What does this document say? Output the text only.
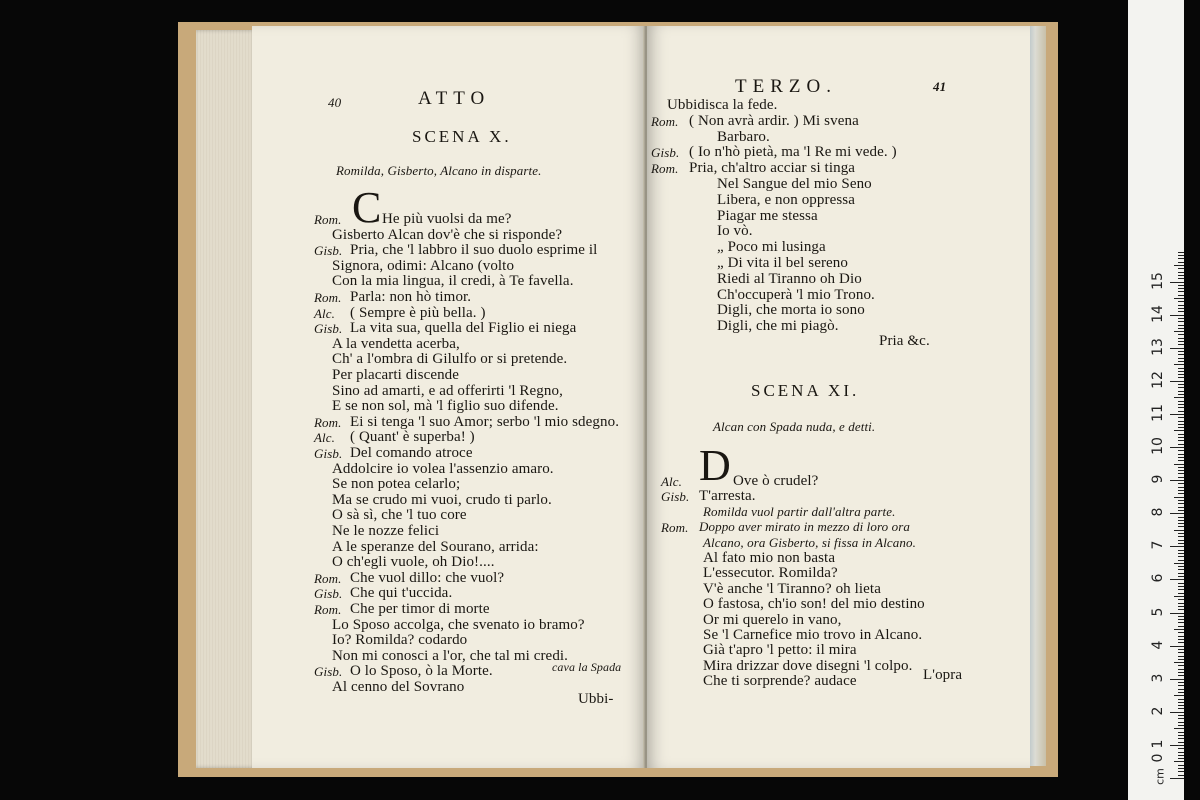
40	ATTO
SCENA X.
Romilda, Gisberto, Alcano in disparte.
C
Rom.	He più vuolsi da me?
Gisberto Alcan dov'è che si risponde?
Gisb. Pria, che 'l labbro il suo duolo esprime il
Signora, odimi: Alcano (volto
Con la mia lingua, il credi, à Te favella.
Rom. Parla: non hò timor.
Alc. ( Sempre è più bella. )
Gisb. La vita sua, quella del Figlio ei niega
A la vendetta acerba,
Ch' a l'ombra di Gilulfo or si pretende.
Per placarti discende
Sino ad amarti, e ad offerirti 'l Regno,
E se non sol, mà 'l figlio suo difende.
Rom. Ei si tenga 'l suo Amor; serbo 'l mio sdegno.
Alc. ( Quant' è superba! )
Gisb. Del comando atroce
Addolcire io volea l'assenzio amaro.
Se non potea celarlo;
Ma se crudo mi vuoi, crudo ti parlo.
O sà sì, che 'l tuo core
Ne le nozze felici
A le speranze del Sourano, arrida:
O ch'egli vuole, oh Dio!....
Rom. Che vuol dillo: che vuol?
Gisb. Che qui t'uccida.
Rom. Che per timor di morte
Lo Sposo accolga, che svenato io bramo?
Io? Romilda? codardo
Non mi conosci a l'or, che tal mi credi.
Gisb. O lo Sposo, ò la Morte.
Al cenno del Sovrano
cava la Spada
Ubbi-
TERZO.	41
Ubbidisca la fede.
Rom. ( Non avrà ardir. ) Mi svena
Barbaro.
Gisb. ( Io n'hò pietà, ma 'l Re mi vede. )
Rom. Pria, ch'altro acciar si tinga
Nel Sangue del mio Seno
Libera, e non oppressa
Piagar me stessa
Io vò.
„ Poco mi lusinga
„ Di vita il bel sereno
Riedi al Tiranno oh Dio
Ch'occuperà 'l mio Trono.
Digli, che morta io sono
Digli, che mi piagò.
Pria &c.
SCENA XI.
Alcan con Spada nuda, e detti.
D
Alc.	Ove ò crudel?
Gisb. T'arresta.
Romilda vuol partir dall'altra parte.
Rom. Doppo aver mirato in mezzo di loro ora
Alcano, ora Gisberto, si fissa in Alcano.
Al fato mio non basta
L'essecutor. Romilda?
V'è anche 'l Tiranno? oh lieta
O fastosa, ch'io son! del mio destino
Or mi querelo in vano,
Se 'l Carnefice mio trovo in Alcano.
Già t'apro 'l petto: il mira
Mira drizzar dove disegni 'l colpo.
Che ti sorprende? audace	L'opra
cm
1
2
3
4
5
6
7
8
9
10
11
12
13
14
15
0
